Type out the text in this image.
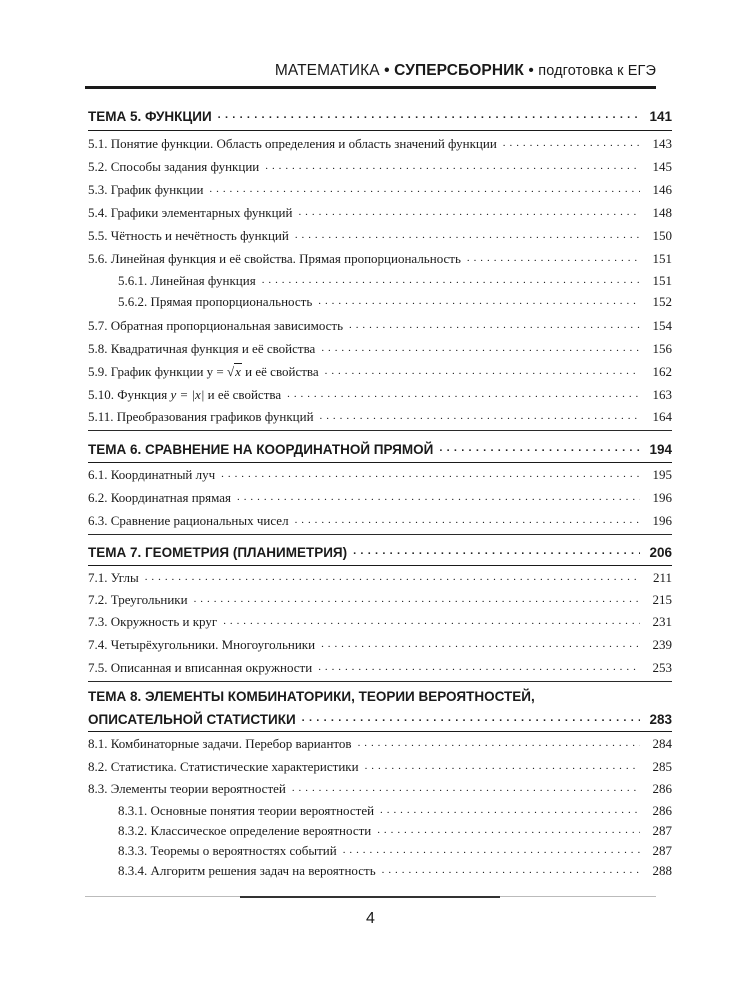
МАТЕМАТИКА • СУПЕРСБОРНИК • подготовка к ЕГЭ
ТЕМА 5. ФУНКЦИИ . . .	141
5.1. Понятие функции. Область определения и область значений функции . . .	143
5.2. Способы задания функции . . .	145
5.3. График функции . . .	146
5.4. Графики элементарных функций . . .	148
5.5. Чётность и нечётность функций . . .	150
5.6. Линейная функция и её свойства. Прямая пропорциональность . . .	151
5.6.1. Линейная функция . . .	151
5.6.2. Прямая пропорциональность . . .	152
5.7. Обратная пропорциональная зависимость . . .	154
5.8. Квадратичная функция и её свойства . . .	156
5.9. График функции y = √x и её свойства . . .	162
5.10. Функция y = |x| и её свойства . . .	163
5.11. Преобразования графиков функций . . .	164
ТЕМА 6. СРАВНЕНИЕ НА КООРДИНАТНОЙ ПРЯМОЙ . . .	194
6.1. Координатный луч . . .	195
6.2. Координатная прямая . . .	196
6.3. Сравнение рациональных чисел . . .	196
ТЕМА 7. ГЕОМЕТРИЯ (ПЛАНИМЕТРИЯ) . . .	206
7.1. Углы . . .	211
7.2. Треугольники . . .	215
7.3. Окружность и круг . . .	231
7.4. Четырёхугольники. Многоугольники . . .	239
7.5. Описанная и вписанная окружности . . .	253
ТЕМА 8. ЭЛЕМЕНТЫ КОМБИНАТОРИКИ, ТЕОРИИ ВЕРОЯТНОСТЕЙ,
ОПИСАТЕЛЬНОЙ СТАТИСТИКИ . . .	283
8.1. Комбинаторные задачи. Перебор вариантов . . .	284
8.2. Статистика. Статистические характеристики . . .	285
8.3. Элементы теории вероятностей . . .	286
8.3.1. Основные понятия теории вероятностей . . .	286
8.3.2. Классическое определение вероятности . . .	287
8.3.3. Теоремы о вероятностях событий . . .	287
8.3.4. Алгоритм решения задач на вероятность . . .	288
4
